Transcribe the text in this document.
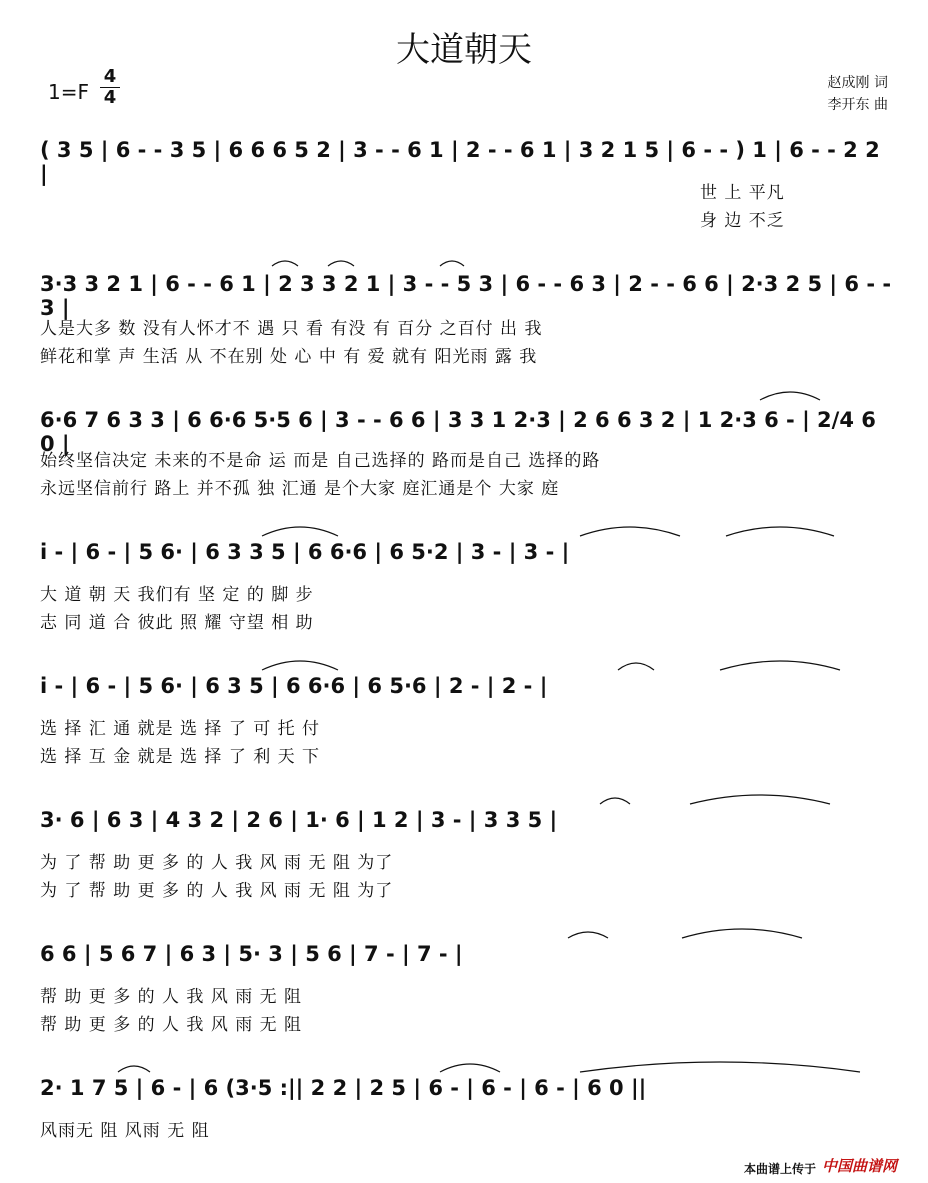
大道朝天
$1=F \frac{4}{4}$	赵成刚 词
李开东 曲
( 3 5 | 6 - - 3 5 | 6 6 6 5 2 | 3 - - 6 1 | 2 - - 6 1 | 3 2 1 5 | 6 - - ) 1 | 6 - - 2 2 |
世 上 平凡
身 边 不乏
3·3 3 2 1 | 6 - - 6 1 | 2 3 3 2 1 | 3 - - 5 3 | 6 - - 6 3 | 2 - - 6 6 | 2·3 2 5 | 6 - - 3 |
人是大多 数 没有人怀才不 遇 只 看 有没 有 百分 之百付 出 我
鲜花和掌 声 生活 从 不在别 处 心 中 有 爱 就有 阳光雨 露 我
6·6 7 6 3 3 | 6 6·6 5·5 6 | 3 - - 6 6 | 3 3 1 2·3 | 2 6 6 3 2 | 1 2·3 6 - | 2/4 6 0 |
始终坚信决定 未来的不是命 运 而是 自己选择的 路而是自己 选择的路
永远坚信前行 路上 并不孤 独 汇通 是个大家 庭汇通是个 大家 庭
i - | 6 - | 5 6· | 6 3 3 5 | 6 6·6 | 6 5·2 | 3 - | 3 - |
大 道 朝 天 我们有 坚 定 的 脚 步
志 同 道 合 彼此 照 耀 守望 相 助
i - | 6 - | 5 6· | 6 3 5 | 6 6·6 | 6 5·6 | 2 - | 2 - |
选 择 汇 通 就是 选 择 了 可 托 付
选 择 互 金 就是 选 择 了 利 天 下
3· 6 | 6 3 | 4 3 2 | 2 6 | 1· 6 | 1 2 | 3 - | 3 3 5 |
为 了 帮 助 更 多 的 人 我 风 雨 无 阻 为了
为 了 帮 助 更 多 的 人 我 风 雨 无 阻 为了
6 6 | 5 6 7 | 6 3 | 5· 3 | 5 6 | 7 - | 7 - |
帮 助 更 多 的 人 我 风 雨 无 阻
帮 助 更 多 的 人 我 风 雨 无 阻
2· 1 7 5 | 6 - | 6 (3·5 :|| 2 2 | 2 5 | 6 - | 6 - | 6 - | 6 0 ||
风雨无 阻 风雨 无 阻
本曲谱上传于 中国曲谱网
